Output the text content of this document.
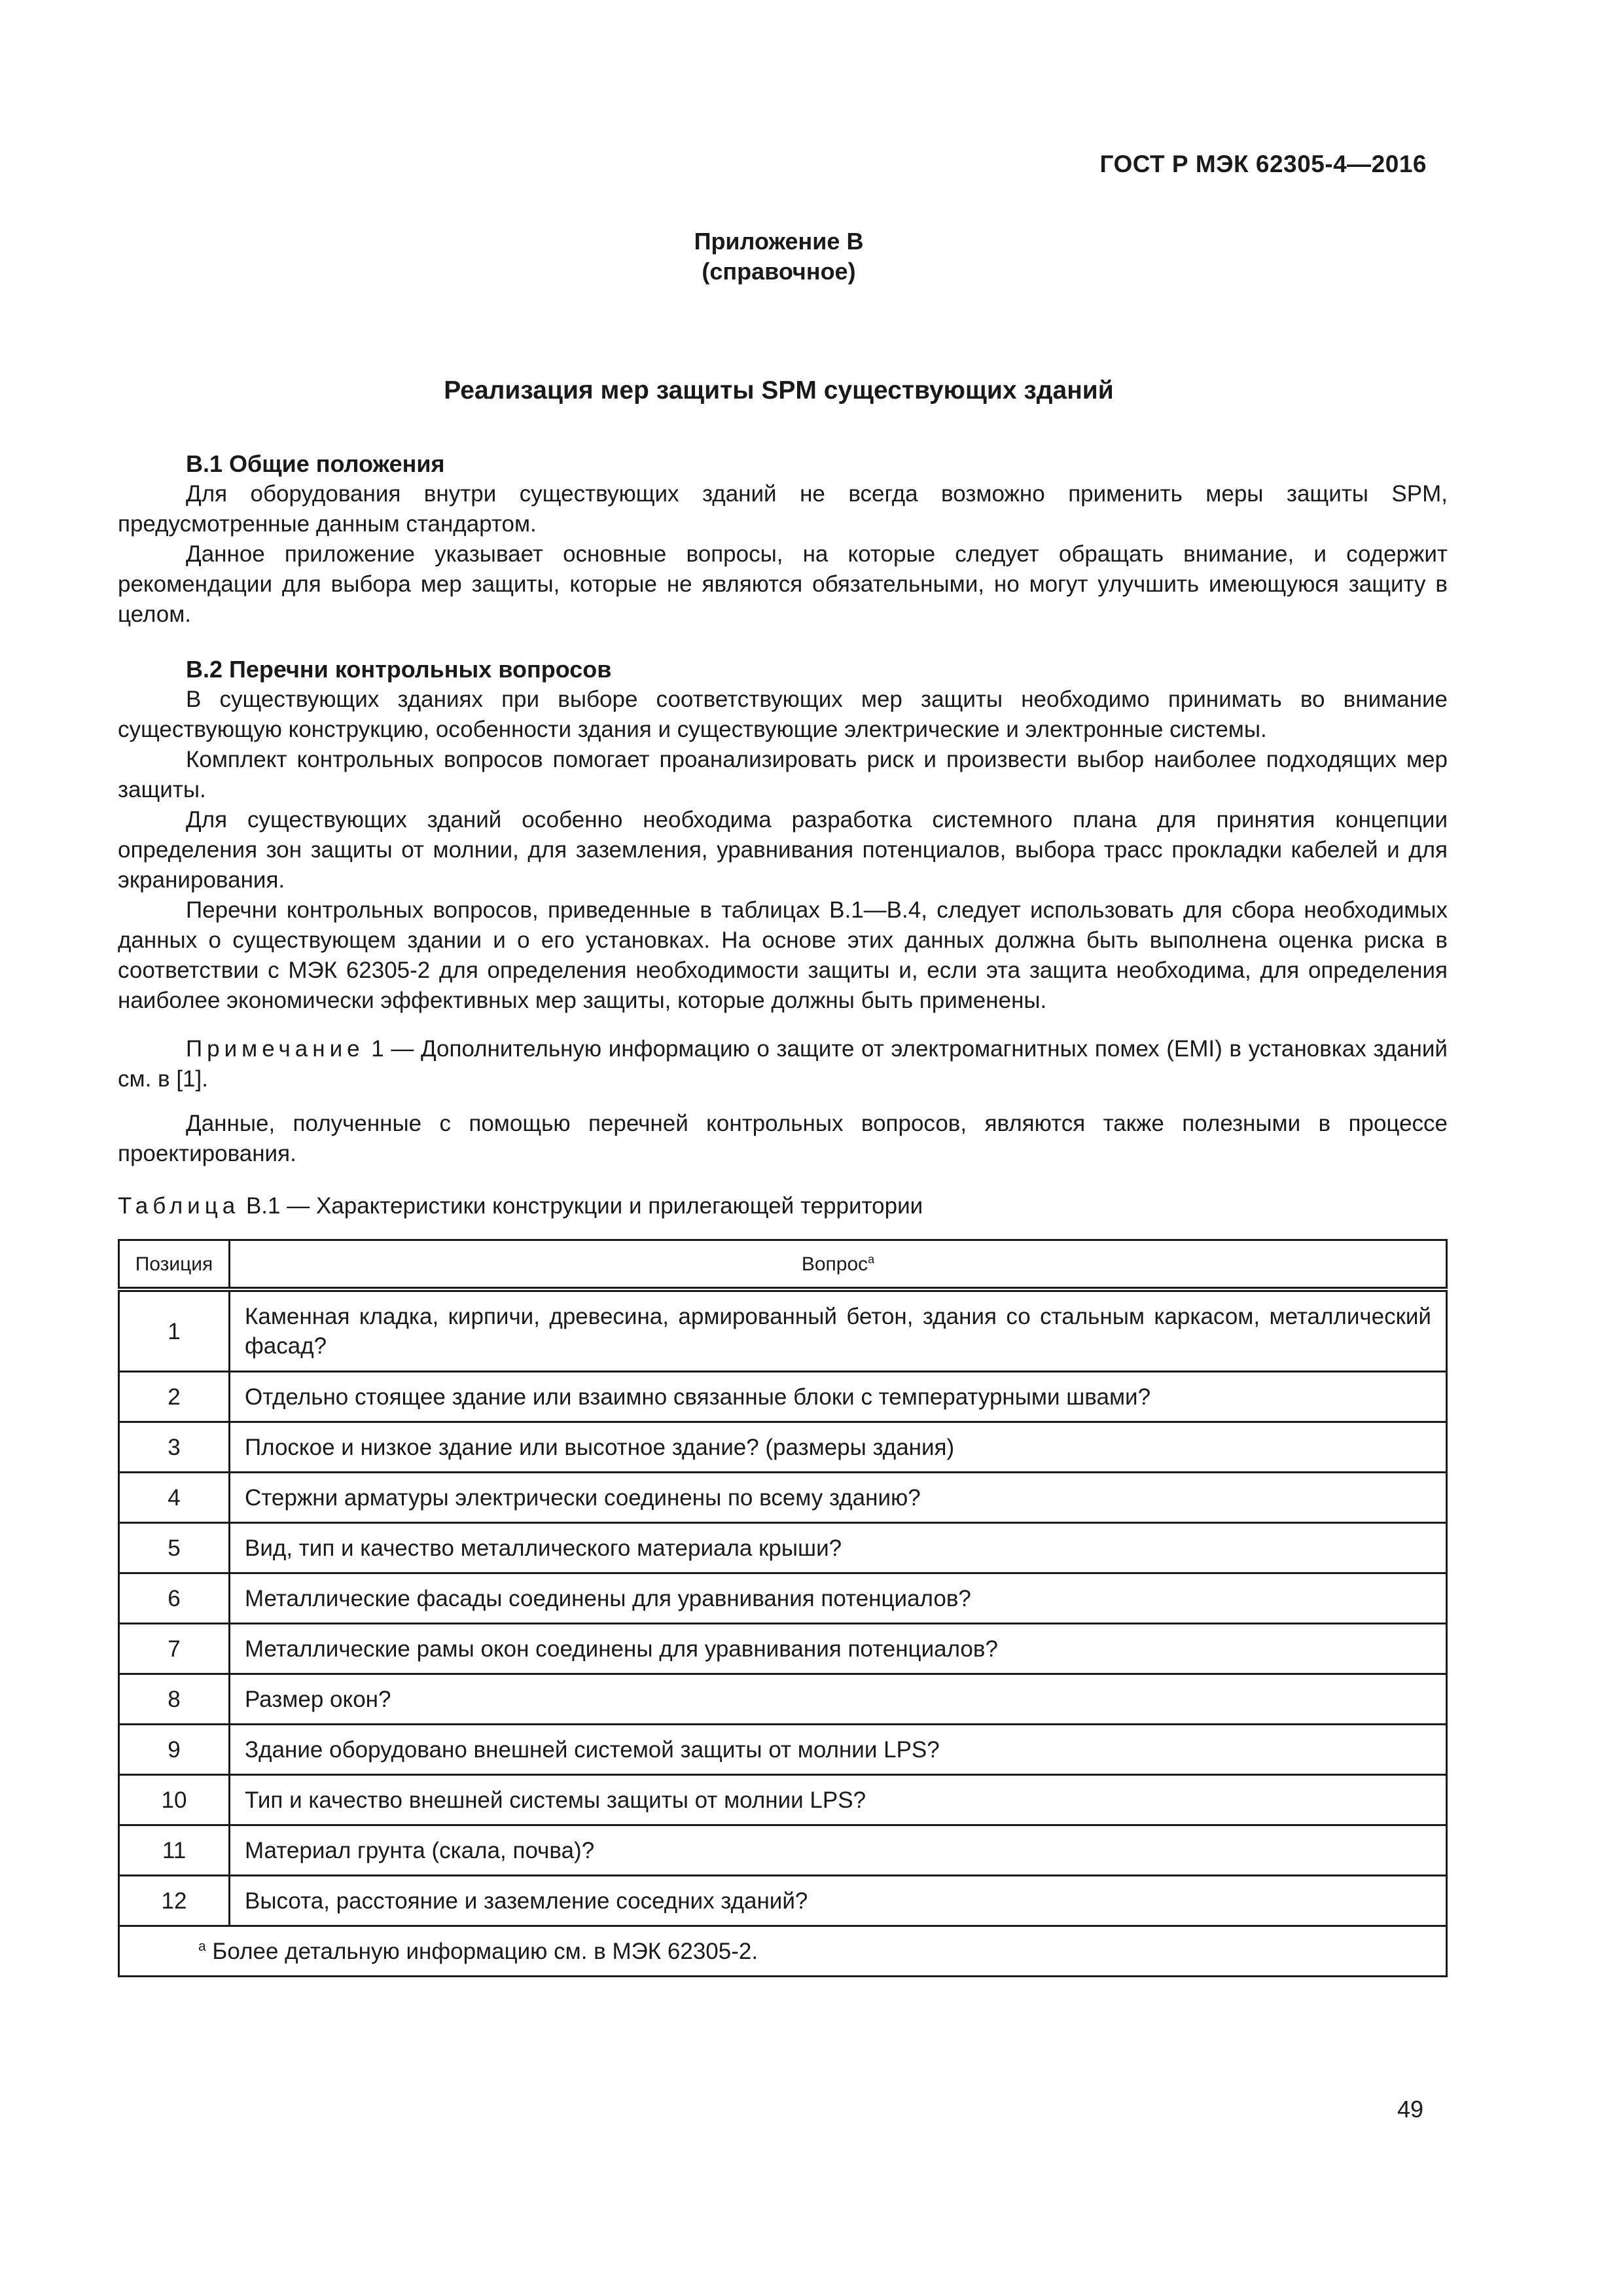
ГОСТ Р МЭК 62305-4—2016
Приложение В
(справочное)
Реализация мер защиты SPM существующих зданий

В.1 Общие положения

Для оборудования внутри существующих зданий не всегда возможно применить меры защиты SPM, предусмотренные данным стандартом.

Данное приложение указывает основные вопросы, на которые следует обращать внимание, и содержит рекомендации для выбора мер защиты, которые не являются обязательными, но могут улучшить имеющуюся защиту в целом.

В.2 Перечни контрольных вопросов

В существующих зданиях при выборе соответствующих мер защиты необходимо принимать во внимание существующую конструкцию, особенности здания и существующие электрические и электронные системы.

Комплект контрольных вопросов помогает проанализировать риск и произвести выбор наиболее подходящих мер защиты.

Для существующих зданий особенно необходима разработка системного плана для принятия концепции определения зон защиты от молнии, для заземления, уравнивания потенциалов, выбора трасс прокладки кабелей и для экранирования.

Перечни контрольных вопросов, приведенные в таблицах В.1—В.4, следует использовать для сбора необходимых данных о существующем здании и о его установках. На основе этих данных должна быть выполнена оценка риска в соответствии с МЭК 62305-2 для определения необходимости защиты и, если эта защита необходима, для определения наиболее экономически эффективных мер защиты, которые должны быть применены.

Примечание 1 — Дополнительную информацию о защите от электромагнитных помех (EMI) в установках зданий см. в [1].

Данные, полученные с помощью перечней контрольных вопросов, являются также полезными в процессе проектирования.

Таблица В.1 — Характеристики конструкции и прилегающей территории
Позиция	Вопрос$^a$
1	Каменная кладка, кирпичи, древесина, армированный бетон, здания со стальным каркасом, металлический фасад?
2	Отдельно стоящее здание или взаимно связанные блоки с температурными швами?
3	Плоское и низкое здание или высотное здание? (размеры здания)
4	Стержни арматуры электрически соединены по всему зданию?
5	Вид, тип и качество металлического материала крыши?
6	Металлические фасады соединены для уравнивания потенциалов?
7	Металлические рамы окон соединены для уравнивания потенциалов?
8	Размер окон?
9	Здание оборудовано внешней системой защиты от молнии LPS?
10	Тип и качество внешней системы защиты от молнии LPS?
11	Материал грунта (скала, почва)?
12	Высота, расстояние и заземление соседних зданий?
$^a$ Более детальную информацию см. в МЭК 62305-2.	
49
